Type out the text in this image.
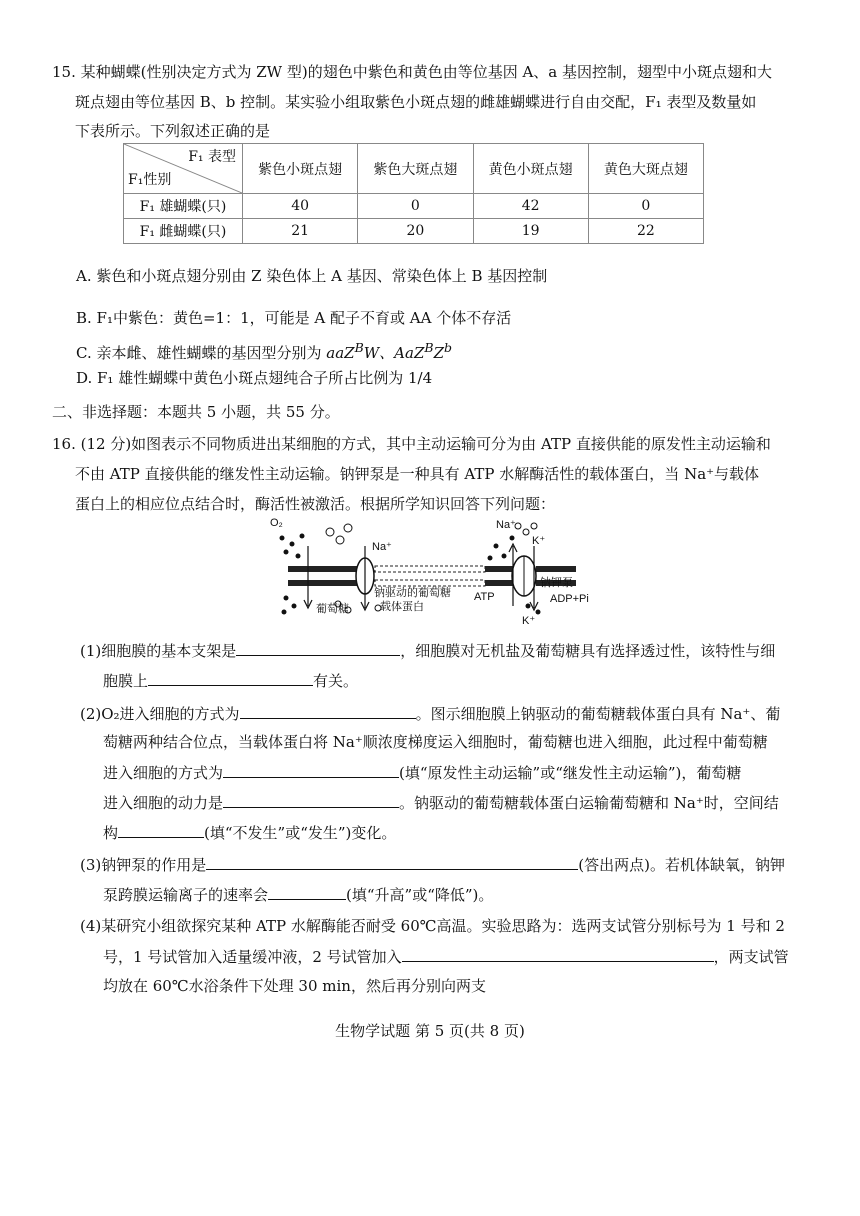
15. 某种蝴蝶(性别决定方式为 ZW 型)的翅色中紫色和黄色由等位基因 A、a 基因控制，翅型中小斑点翅和大
斑点翅由等位基因 B、b 控制。某实验小组取紫色小斑点翅的雌雄蝴蝶进行自由交配，F₁ 表型及数量如
下表所示。下列叙述正确的是
F₁ 表型
F₁性别	紫色小斑点翅	紫色大斑点翅	黄色小斑点翅	黄色大斑点翅
F₁ 雄蝴蝶(只)	40	0	42	0
F₁ 雌蝴蝶(只)	21	20	19	22
A. 紫色和小斑点翅分别由 Z 染色体上 A 基因、常染色体上 B 基因控制
B. F₁中紫色：黄色=1：1，可能是 A 配子不育或 AA 个体不存活
C. 亲本雌、雄性蝴蝶的基因型分别为 aaZ$^B$W、$AaZ^BZ^b$
D. F₁ 雄性蝴蝶中黄色小斑点翅纯合子所占比例为 1/4
二、非选择题：本题共 5 小题，共 55 分。
16. (12 分)如图表示不同物质进出某细胞的方式，其中主动运输可分为由 ATP 直接供能的原发性主动运输和
不由 ATP 直接供能的继发性主动运输。钠钾泵是一种具有 ATP 水解酶活性的载体蛋白，当 Na⁺与载体
蛋白上的相应位点结合时，酶活性被激活。根据所学知识回答下列问题：
O₂
Na⁺
葡萄糖
钠驱动的葡萄糖
载体蛋白
Na⁺
K⁺
钠钾泵
ATP	ADP+Pi
K⁺
(1)细胞膜的基本支架是	，细胞膜对无机盐及葡萄糖具有选择透过性，该特性与细
胞膜上	有关。
(2)O₂进入细胞的方式为	。图示细胞膜上钠驱动的葡萄糖载体蛋白具有 Na⁺、葡
萄糖两种结合位点，当载体蛋白将 Na⁺顺浓度梯度运入细胞时，葡萄糖也进入细胞，此过程中葡萄糖
进入细胞的方式为	(填“原发性主动运输”或“继发性主动运输”)，葡萄糖
进入细胞的动力是	。钠驱动的葡萄糖载体蛋白运输葡萄糖和 Na⁺时，空间结
构	(填“不发生”或“发生”)变化。
(3)钠钾泵的作用是	(答出两点)。若机体缺氧，钠钾
泵跨膜运输离子的速率会	(填“升高”或“降低”)。
(4)某研究小组欲探究某种 ATP 水解酶能否耐受 60℃高温。实验思路为：选两支试管分别标号为 1 号和 2
号，1 号试管加入适量缓冲液，2 号试管加入	，两支试管
均放在 60℃水浴条件下处理 30 min，然后再分别向两支
生物学试题 第 5 页(共 8 页)
